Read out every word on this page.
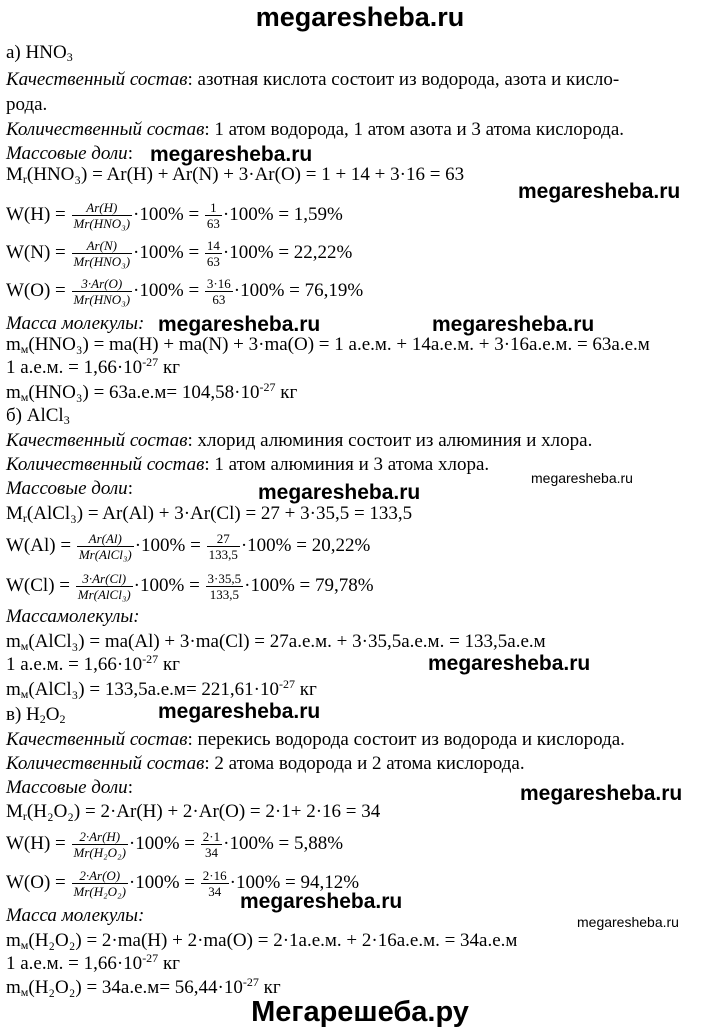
megaresheba.ru
а) $HNO_3$
Качественный состав: азотная кислота состоит из водорода, азота и кисло-
рода.
Количественный состав: 1 атом водорода, 1 атом азота и 3 атома кислорода.
Массовые доли: megaresheba.ru
$M_r(HNO_3) = Ar(H) + Ar(N) + 3\cdot Ar(O) = 1 + 14 + 3\cdot 16 = 63$
megaresheba.ru
$W(H) = \frac{Ar(H)}{\text{Mr(HNO₃)}} \cdot 100\% = \frac{1}{63} \cdot 100\% = 1,59\%$
$W(N) = \frac{Ar(N)}{\text{Mr(HNO₃)}} \cdot 100\% = \frac{14}{63} \cdot 100\% = 22,22\%$
$W(O) = \frac{3\cdot Ar(O)}{\text{Mr(HNO₃)}} \cdot 100\% = \frac{3\cdot 16}{63} \cdot 100\% = 76,19\%$
Масса молекулы: megaresheba.ru	megaresheba.ru
$m_м(HNO_3) = mа(H) + mа(N) + 3\cdot mа(O) = 1$ а.е.м. + 14а.е.м. + 3·16а.е.м. = 63а.е.м
1 а.е.м. = $1,66\cdot 10^{-27}$ кг
$m_м(HNO_3) = 63а.е.м= 104,58\cdot 10^{-27}$ кг
б) AlCl$_3$
Качественный состав: хлорид алюминия состоит из алюминия и хлора.
Количественный состав: 1 атом алюминия и 3 атома хлора.
megaresheba.ru
Массовые доли:	megaresheba.ru
$M_r(AlCl_3) = Ar(Al) + 3\cdot Ar(Cl) = 27 + 3\cdot 35,5 = 133,5$
$W(Al) = \frac{Ar(Al)}{\text{Mr(AlCl₃)}} \cdot 100\% = \frac{27}{133,5} \cdot 100\% = 20,22\%$
$W(Cl) = \frac{3\cdot Ar(Cl)}{\text{Mr(AlCl₃)}} \cdot 100\% = \frac{3\cdot 35,5}{133,5} \cdot 100\% = 79,78\%$
Массамолекулы:
$m_м(AlCl_3) = mа(Al) + 3\cdot mа(Cl) = 27а.е.м$. + 3·35,5а.е.м. = 133,5а.е.м
1 а.е.м. = $1,66\cdot 10^{-27}$ кг	megaresheba.ru
$m_м(AlCl_3) = 133,5а.е.м= 221,61\cdot 10^{-27}$ кг
в) $H_2O_2$	megaresheba.ru
Качественный состав: перекись водорода состоит из водорода и кислорода.
Количественный состав: 2 атома водорода и 2 атома кислорода.
Массовые доли:	megaresheba.ru
$M_r(H_2O_2) = 2\cdot Ar(H) + 2\cdot Ar(O) = 2\cdot 1+ 2\cdot 16 = 34$
$W(H) = \frac{2\cdot Ar(H)}{\text{Mr(H₂O₂)}} \cdot 100\% = \frac{2\cdot 1}{34} \cdot 100\% = 5,88\%$
$W(O) = \frac{2\cdot Ar(O)}{\text{Mr(H₂O₂)}} \cdot 100\% = \frac{2\cdot 16}{34} \cdot 100\% = 94,12\%$
megaresheba.ru
Масса молекулы:	megaresheba.ru
$m_м(H_2O_2) = 2\cdot mа(H) + 2\cdot mа(O) = 2\cdot 1а.е.м$. + 2·16а.е.м. = 34а.е.м
1 а.е.м. = $1,66\cdot 10^{-27}$ кг
$m_м(H_2O_2) = 34а.е.м= 56,44\cdot 10^{-27}$ кг
Мегарешеба.ру
